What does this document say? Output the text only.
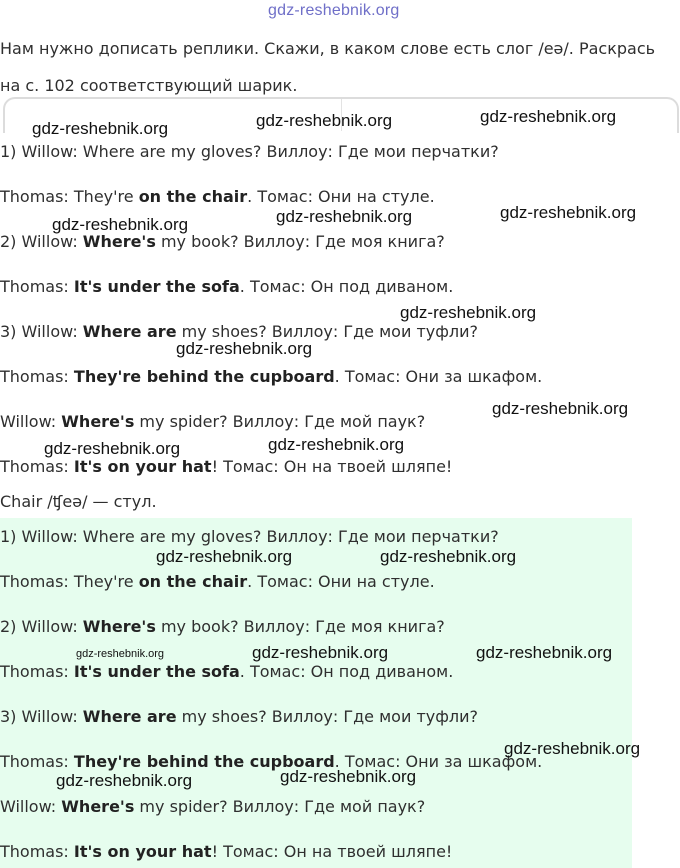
gdz-reshebnik.org
Нам нужно дописать реплики. Скажи, в каком слове есть слог /eə/. Раскрась на с. 102 соответствующий шарик.
1) Willow: Where are my gloves? Виллоу: Где мои перчатки?
Thomas: They're on the chair. Томас: Они на стуле.
2) Willow: Where's my book? Виллоу: Где моя книга?
Thomas: It's under the sofa. Томас: Он под диваном.
3) Willow: Where are my shoes? Виллоу: Где мои туфли?
Thomas: They're behind the cupboard. Томас: Они за шкафом.
Willow: Where's my spider? Виллоу: Где мой паук?
Thomas: It's on your hat! Томас: Он на твоей шляпе!
Chair /ʧeə/ — стул.
1) Willow: Where are my gloves? Виллоу: Где мои перчатки?
Thomas: They're on the chair. Томас: Они на стуле.
2) Willow: Where's my book? Виллоу: Где моя книга?
Thomas: It's under the sofa. Томас: Он под диваном.
3) Willow: Where are my shoes? Виллоу: Где мои туфли?
Thomas: They're behind the cupboard. Томас: Они за шкафом.
Willow: Where's my spider? Виллоу: Где мой паук?
Thomas: It's on your hat! Томас: Он на твоей шляпе!
gdz-reshebnik.org	gdz-reshebnik.org	gdz-reshebnik.org
gdz-reshebnik.org	gdz-reshebnik.org	gdz-reshebnik.org
gdz-reshebnik.org
gdz-reshebnik.org
gdz-reshebnik.org
gdz-reshebnik.org	gdz-reshebnik.org
gdz-reshebnik.org	gdz-reshebnik.org
gdz-reshebnik.org	gdz-reshebnik.org	gdz-reshebnik.org
gdz-reshebnik.org
gdz-reshebnik.org	gdz-reshebnik.org
